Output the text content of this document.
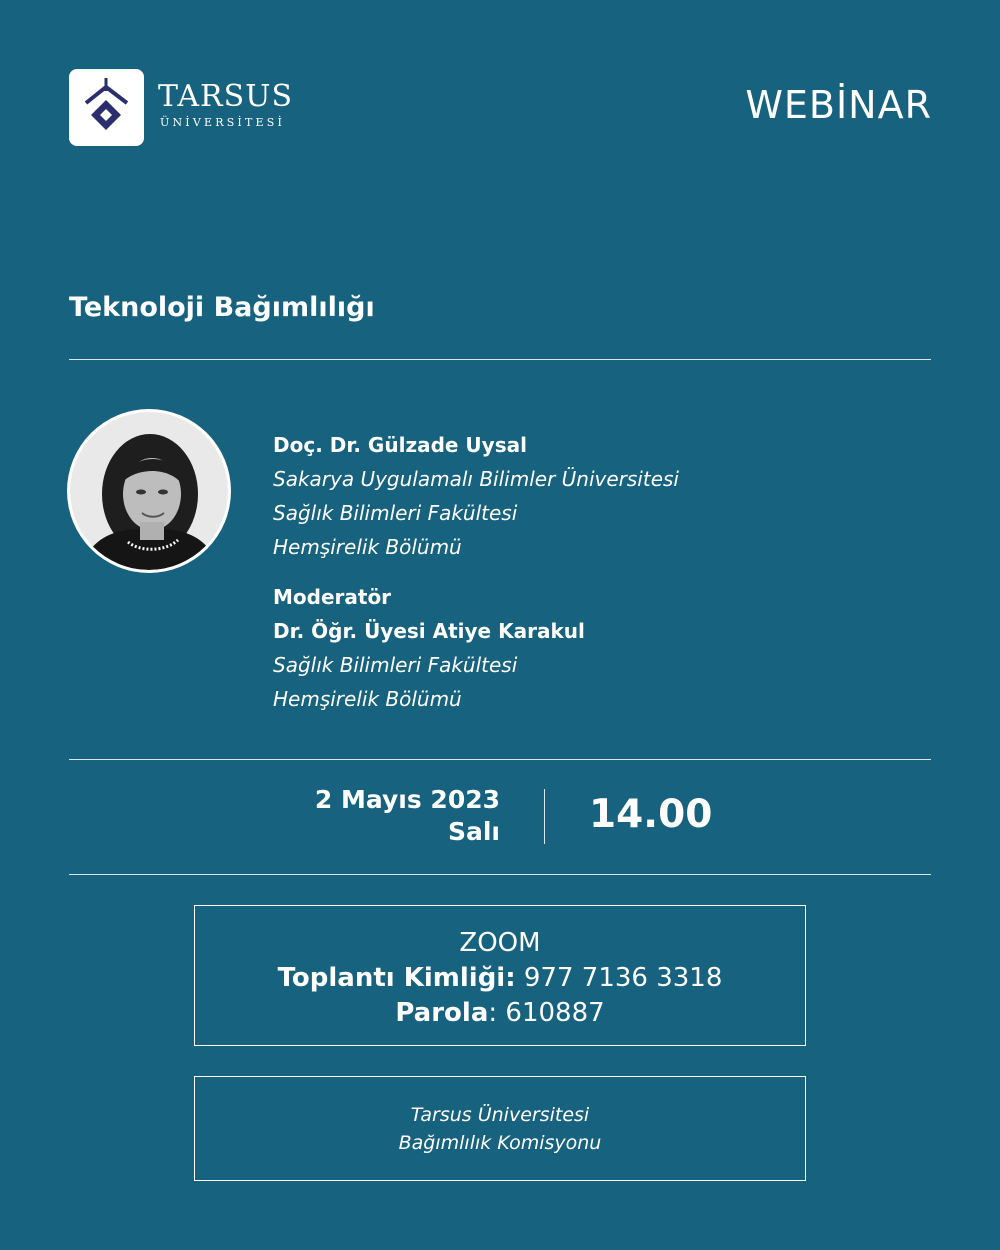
TARSUS
ÜNİVERSİTESİ	WEBİNAR
Teknoloji Bağımlılığı
Doç. Dr. Gülzade Uysal
Sakarya Uygulamalı Bilimler Üniversitesi
Sağlık Bilimleri Fakültesi
Hemşirelik Bölümü
Moderatör
Dr. Öğr. Üyesi Atiye Karakul
Sağlık Bilimleri Fakültesi
Hemşirelik Bölümü
2 Mayıs 2023
Salı 14.00
ZOOM
Toplantı Kimliği: 977 7136 3318
Parola: 610887
Tarsus Üniversitesi
Bağımlılık Komisyonu
